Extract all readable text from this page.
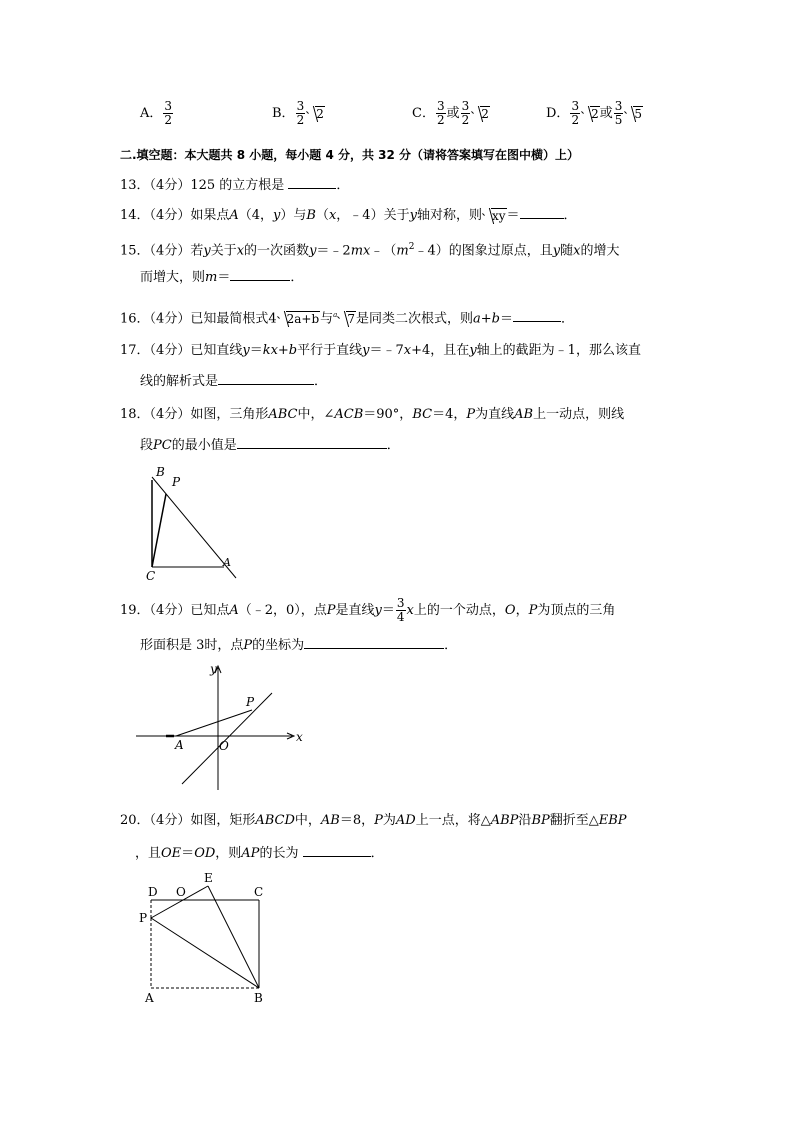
A． $\frac{3}{2}$	B． $\frac{3}{2} 2$	C． $\frac{3}{2}$ 或 $\frac{3}{2} 2$	D． $\frac{3}{2} 2$或 $\frac{3}{5} 5$
二.填空题：本大题共 8 小题，每小题 4 分，共 32 分（请将答案填写在图中横）上）
13．（4分）125 的立方根是	．
14．（4分）如果点A（4，y）与B（x，﹣4）关于y轴对称，则 xy＝	．
15．（4分）若y关于x的一次函数$y=﹣2mx﹣(m^2﹣4)$的图象过原点，且y随x的增大
而增大，则m＝	．
16．（4分）已知最简根式4 2a+b与$^a$ 7是同类二次根式，则a+b＝	．
17．（4分）已知直线y＝kx+b平行于直线y＝﹣7x+4，且在y轴上的截距为﹣1，那么该直
线的解析式是	．
18．（4分）如图，三角形ABC中，∠ACB＝90°，BC＝4，P为直线AB上一动点，则线
段PC的最小值是	．
B
P
C
A
19．（4分）已知点A（﹣2，0），点P是直线$y= \frac{3}{4}$ x上的一个动点，O，P为顶点的三角
形面积是 3时，点P的坐标为	．
y
x
P
A	O
20．（4分）如图，矩形ABCD中，AB＝8，P为AD上一点，将△ABP沿BP翻折至△EBP
，且OE＝OD，则AP的长为	．
D O
E
C
P
A	B
